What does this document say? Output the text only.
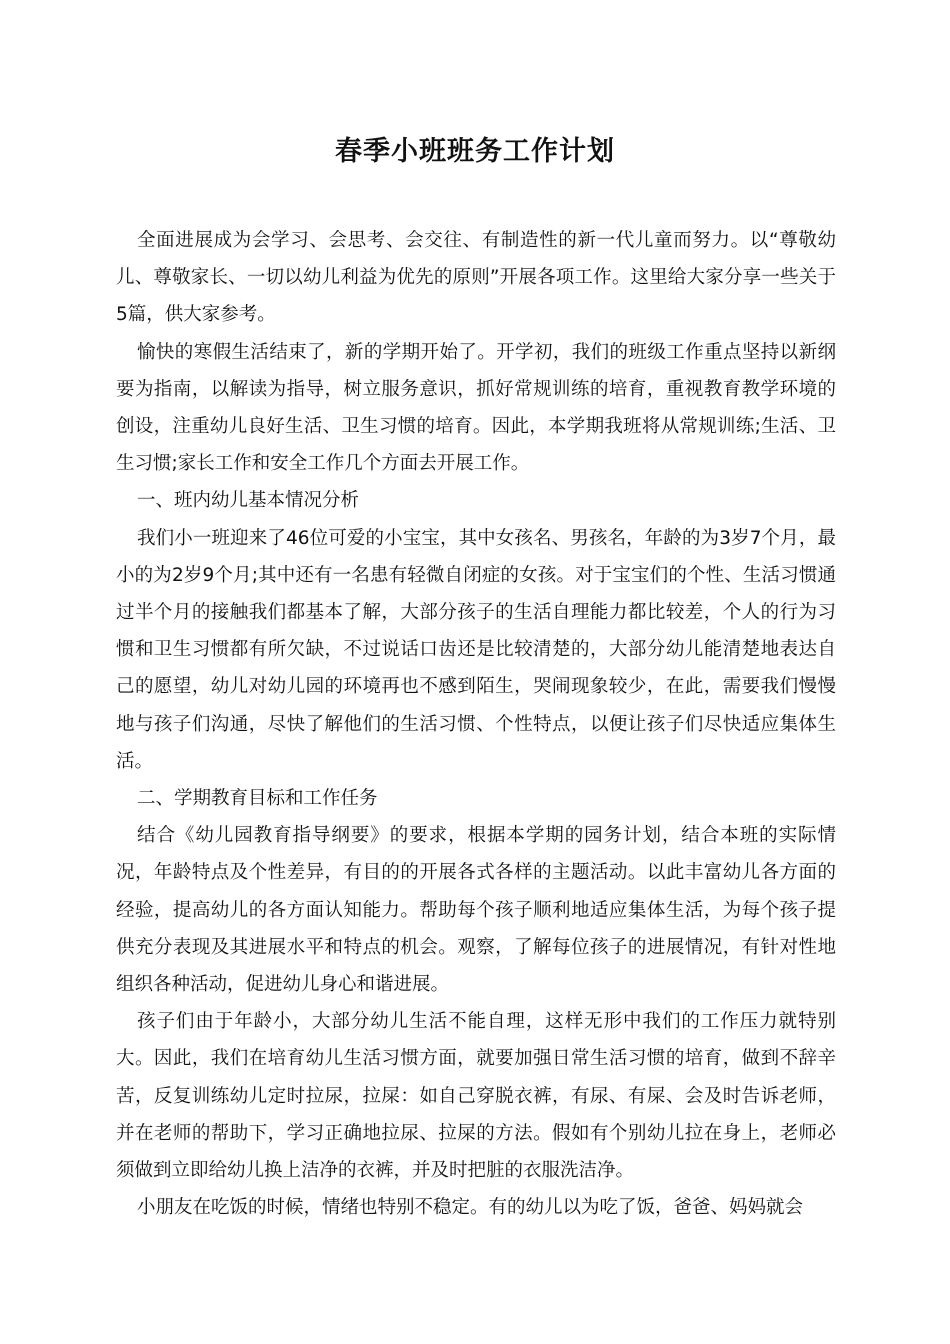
春季小班班务工作计划

全面进展成为会学习、会思考、会交往、有制造性的新一代儿童而努力。以“尊敬幼儿、尊敬家长、一切以幼儿利益为优先的原则”开展各项工作。这里给大家分享一些关于5篇，供大家参考。

愉快的寒假生活结束了，新的学期开始了。开学初，我们的班级工作重点坚持以新纲要为指南，以解读为指导，树立服务意识，抓好常规训练的培育，重视教育教学环境的创设，注重幼儿良好生活、卫生习惯的培育。因此，本学期我班将从常规训练;生活、卫生习惯;家长工作和安全工作几个方面去开展工作。

一、班内幼儿基本情况分析

我们小一班迎来了46位可爱的小宝宝，其中女孩名、男孩名，年龄的为3岁7个月，最小的为2岁9个月;其中还有一名患有轻微自闭症的女孩。对于宝宝们的个性、生活习惯通过半个月的接触我们都基本了解，大部分孩子的生活自理能力都比较差，个人的行为习惯和卫生习惯都有所欠缺，不过说话口齿还是比较清楚的，大部分幼儿能清楚地表达自己的愿望，幼儿对幼儿园的环境再也不感到陌生，哭闹现象较少，在此，需要我们慢慢地与孩子们沟通，尽快了解他们的生活习惯、个性特点，以便让孩子们尽快适应集体生活。

二、学期教育目标和工作任务

结合《幼儿园教育指导纲要》的要求，根据本学期的园务计划，结合本班的实际情况，年龄特点及个性差异，有目的的开展各式各样的主题活动。以此丰富幼儿各方面的经验，提高幼儿的各方面认知能力。帮助每个孩子顺利地适应集体生活，为每个孩子提供充分表现及其进展水平和特点的机会。观察，了解每位孩子的进展情况，有针对性地组织各种活动，促进幼儿身心和谐进展。

孩子们由于年龄小，大部分幼儿生活不能自理，这样无形中我们的工作压力就特别大。因此，我们在培育幼儿生活习惯方面，就要加强日常生活习惯的培育，做到不辞辛苦，反复训练幼儿定时拉尿，拉屎：如自己穿脱衣裤，有尿、有屎、会及时告诉老师，并在老师的帮助下，学习正确地拉尿、拉屎的方法。假如有个别幼儿拉在身上，老师必须做到立即给幼儿换上洁净的衣裤，并及时把脏的衣服洗洁净。

小朋友在吃饭的时候，情绪也特别不稳定。有的幼儿以为吃了饭，爸爸、妈妈就会
